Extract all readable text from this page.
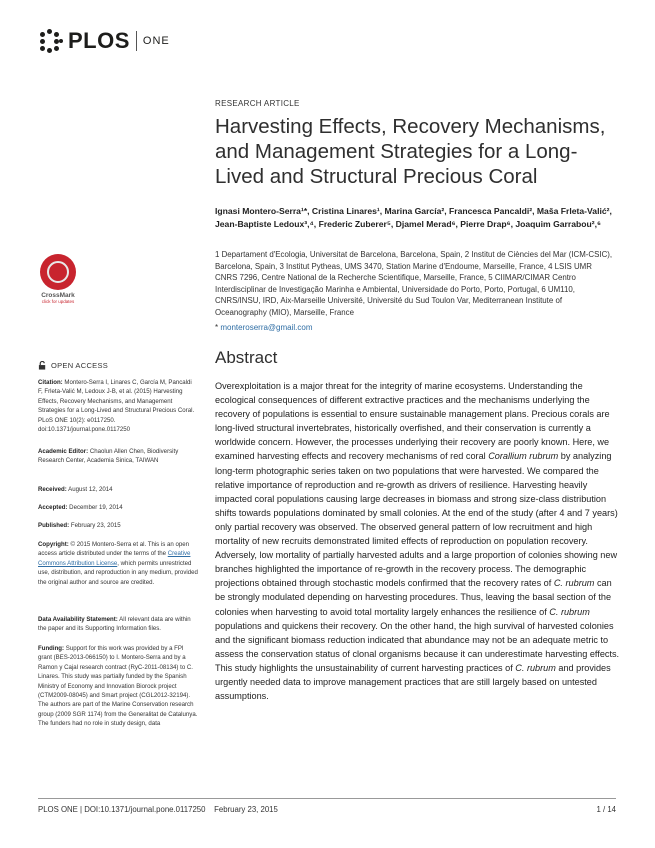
PLOS ONE
RESEARCH ARTICLE
Harvesting Effects, Recovery Mechanisms, and Management Strategies for a Long-Lived and Structural Precious Coral
Ignasi Montero-Serra¹*, Cristina Linares¹, Marina García², Francesca Pancaldi², Maša Frleta-Valić², Jean-Baptiste Ledoux³,⁴, Frederic Zuberer⁵, Djamel Merad⁶, Pierre Drap⁶, Joaquim Garrabou²,⁶
1 Departament d'Ecologia, Universitat de Barcelona, Barcelona, Spain, 2 Institut de Ciències del Mar (ICM-CSIC), Barcelona, Spain, 3 Institut Pytheas, UMS 3470, Station Marine d'Endoume, Marseille, France, 4 LSIS UMR CNRS 7296, Centre National de la Recherche Scientifique, Marseille, France, 5 CIIMAR/CIMAR Centro Interdisciplinar de Investigação Marinha e Ambiental, Universidade do Porto, Porto, Portugal, 6 UM110, CNRS/INSU, IRD, Aix-Marseille Université, Université du Sud Toulon Var, Mediterranean Institute of Oceanography (MIO), Marseille, France
* monteroserra@gmail.com
Abstract
Overexploitation is a major threat for the integrity of marine ecosystems. Understanding the ecological consequences of different extractive practices and the mechanisms underlying the recovery of populations is essential to ensure sustainable management plans. Precious corals are long-lived structural invertebrates, historically overfished, and their conservation is currently a worldwide concern. However, the processes underlying their recovery are poorly known. Here, we examined harvesting effects and recovery mechanisms of red coral Corallium rubrum by analyzing long-term photographic series taken on two populations that were harvested. We compared the relative importance of reproduction and re-growth as drivers of resilience. Harvesting heavily impacted coral populations causing large decreases in biomass and strong size-class distribution shifts towards populations dominated by small colonies. At the end of the study (after 4 and 7 years) only partial recovery was observed. The observed general pattern of low recruitment and high mortality of new recruits demonstrated limited effects of reproduction on population recovery. Adversely, low mortality of partially harvested adults and a large proportion of colonies showing new branches highlighted the importance of re-growth in the recovery process. The demographic projections obtained through stochastic models confirmed that the recovery rates of C. rubrum can be strongly modulated depending on harvesting procedures. Thus, leaving the basal section of the colonies when harvesting to avoid total mortality largely enhances the resilience of C. rubrum populations and quickens their recovery. On the other hand, the high survival of harvested colonies and the significant biomass reduction indicated that abundance may not be an adequate metric to assess the conservation status of clonal organisms because it can underestimate harvesting effects. This study highlights the unsustainability of current harvesting practices of C. rubrum and provides urgently needed data to improve management practices that are still largely based on untested assumptions.
CrossMark
click for updates
OPEN ACCESS
Citation: Montero-Serra I, Linares C, García M, Pancaldi F, Frleta-Valić M, Ledoux J-B, et al. (2015) Harvesting Effects, Recovery Mechanisms, and Management Strategies for a Long-Lived and Structural Precious Coral. PLoS ONE 10(2): e0117250. doi:10.1371/journal.pone.0117250
Academic Editor: Chaolun Allen Chen, Biodiversity Research Center, Academia Sinica, TAIWAN
Received: August 12, 2014
Accepted: December 19, 2014
Published: February 23, 2015
Copyright: © 2015 Montero-Serra et al. This is an open access article distributed under the terms of the Creative Commons Attribution License, which permits unrestricted use, distribution, and reproduction in any medium, provided the original author and source are credited.
Data Availability Statement: All relevant data are within the paper and its Supporting Information files.
Funding: Support for this work was provided by a FPI grant (BES-2013-066150) to I. Montero-Serra and by a Ramon y Cajal research contract (RyC-2011-08134) to C. Linares. This study was partially funded by the Spanish Ministry of Economy and Innovation Biorock project (CTM2009-08045) and Smart project (CGL2012-32194). The authors are part of the Marine Conservation research group (2009 SGR 1174) from the Generalitat de Catalunya. The funders had no role in study design, data
PLOS ONE | DOI:10.1371/journal.pone.0117250    February 23, 2015	1 / 14
